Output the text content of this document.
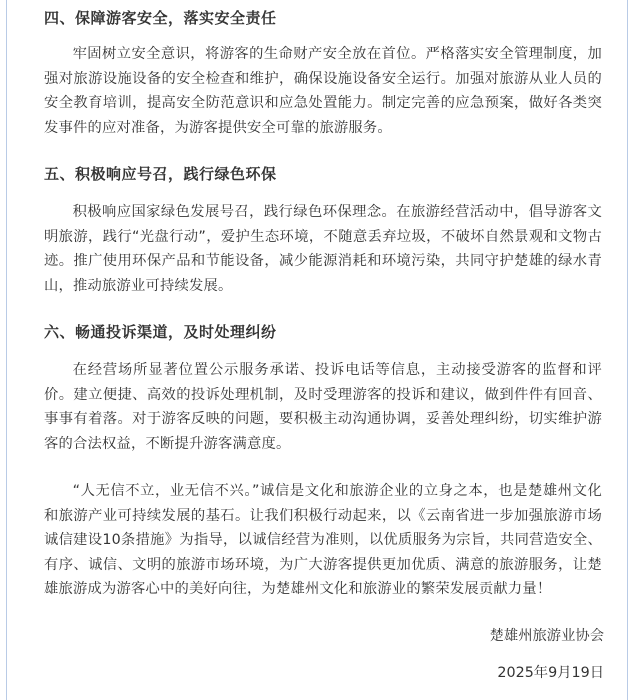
四、保障游客安全，落实安全责任

牢固树立安全意识，将游客的生命财产安全放在首位。严格落实安全管理制度，加强对旅游设施设备的安全检查和维护，确保设施设备安全运行。加强对旅游从业人员的安全教育培训，提高安全防范意识和应急处置能力。制定完善的应急预案，做好各类突发事件的应对准备，为游客提供安全可靠的旅游服务。

五、积极响应号召，践行绿色环保

积极响应国家绿色发展号召，践行绿色环保理念。在旅游经营活动中，倡导游客文明旅游，践行“光盘行动”，爱护生态环境，不随意丢弃垃圾，不破坏自然景观和文物古迹。推广使用环保产品和节能设备，减少能源消耗和环境污染，共同守护楚雄的绿水青山，推动旅游业可持续发展。

六、畅通投诉渠道，及时处理纠纷

在经营场所显著位置公示服务承诺、投诉电话等信息，主动接受游客的监督和评价。建立便捷、高效的投诉处理机制，及时受理游客的投诉和建议，做到件件有回音、事事有着落。对于游客反映的问题，要积极主动沟通协调，妥善处理纠纷，切实维护游客的合法权益，不断提升游客满意度。

“人无信不立，业无信不兴。”诚信是文化和旅游企业的立身之本，也是楚雄州文化和旅游产业可持续发展的基石。让我们积极行动起来，以《云南省进一步加强旅游市场诚信建设10条措施》为指导，以诚信经营为准则，以优质服务为宗旨，共同营造安全、有序、诚信、文明的旅游市场环境，为广大游客提供更加优质、满意的旅游服务，让楚雄旅游成为游客心中的美好向往，为楚雄州文化和旅游业的繁荣发展贡献力量！

楚雄州旅游业协会

2025年9月19日
